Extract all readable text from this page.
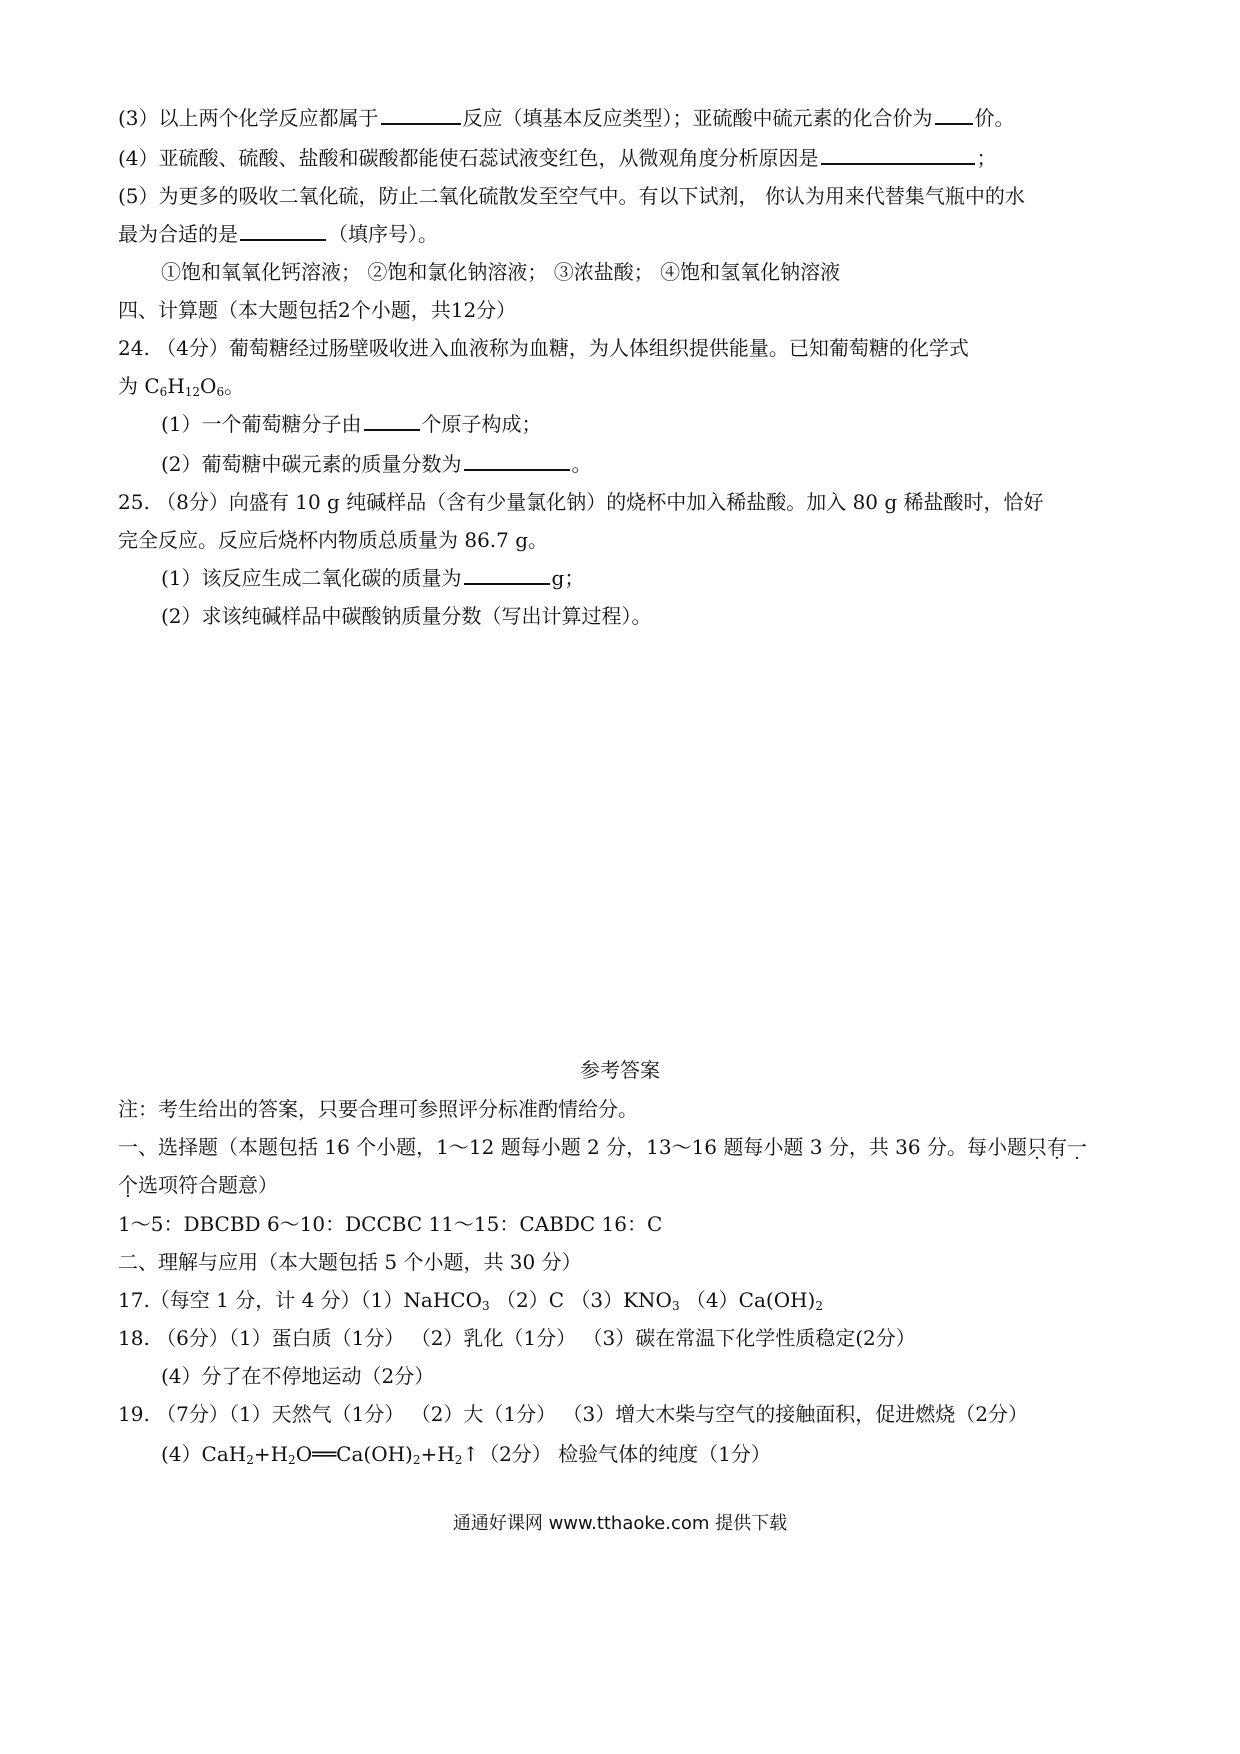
(3）以上两个化学反应都属于	反应（填基本反应类型）；亚硫酸中硫元素的化合价为 价。
(4）亚硫酸、硫酸、盐酸和碳酸都能使石蕊试液变红色，从微观角度分析原因是	；
(5）为更多的吸收二氧化硫，防止二氧化硫散发至空气中。有以下试剂， 你认为用来代替集气瓶中的水
最为合适的是	（填序号）。
①饱和氧氧化钙溶液； ②饱和氯化钠溶液； ③浓盐酸； ④饱和氢氧化钠溶液
四、计算题（本大题包括2个小题，共12分）
24. （4分）葡萄糖经过肠壁吸收进入血液称为血糖，为人体组织提供能量。已知葡萄糖的化学式
为 $C_6H_{12}O_6$。
(1）一个葡萄糖分子由	个原子构成；
(2）葡萄糖中碳元素的质量分数为	。
25. （8分）向盛有 10 g 纯碱样品（含有少量氯化钠）的烧杯中加入稀盐酸。加入 80 g 稀盐酸时，恰好
完全反应。反应后烧杯内物质总质量为 86.7 g。
(1）该反应生成二氧化碳的质量为	g；
(2）求该纯碱样品中碳酸钠质量分数（写出计算过程）。
参考答案
注：考生给出的答案，只要合理可参照评分标准酌情给分。
一、选择题（本题包括 16 个小题，1～12 题每小题 2 分，13～16 题每小题 3 分，共 36 分。每小题只有一
个选项符合题意）
1～5：DBCBD 6～10：DCCBC 11～15：CABDC 16：C
二、理解与应用（本大题包括 5 个小题，共 30 分）
17.（每空 1 分，计 4 分）（1）NaHCO$_3$ （2）C $(3)KNO_3$ $(4)Ca(OH)_2$
18. （6分）（1）蛋白质（1分） （2）乳化（1分） （3）碳在常温下化学性质稳定(2分）
(4）分了在不停地运动（2分）
19. （7分）（1）天然气（1分） （2）大（1分） （3）增大木柴与空气的接触面积，促进燃烧（2分）
$(4)CaH_2+H_2O══Ca(OH)_2+H_2↑(2$分） 检验气体的纯度（1分）
通通好课网 www.tthaoke.com 提供下载
